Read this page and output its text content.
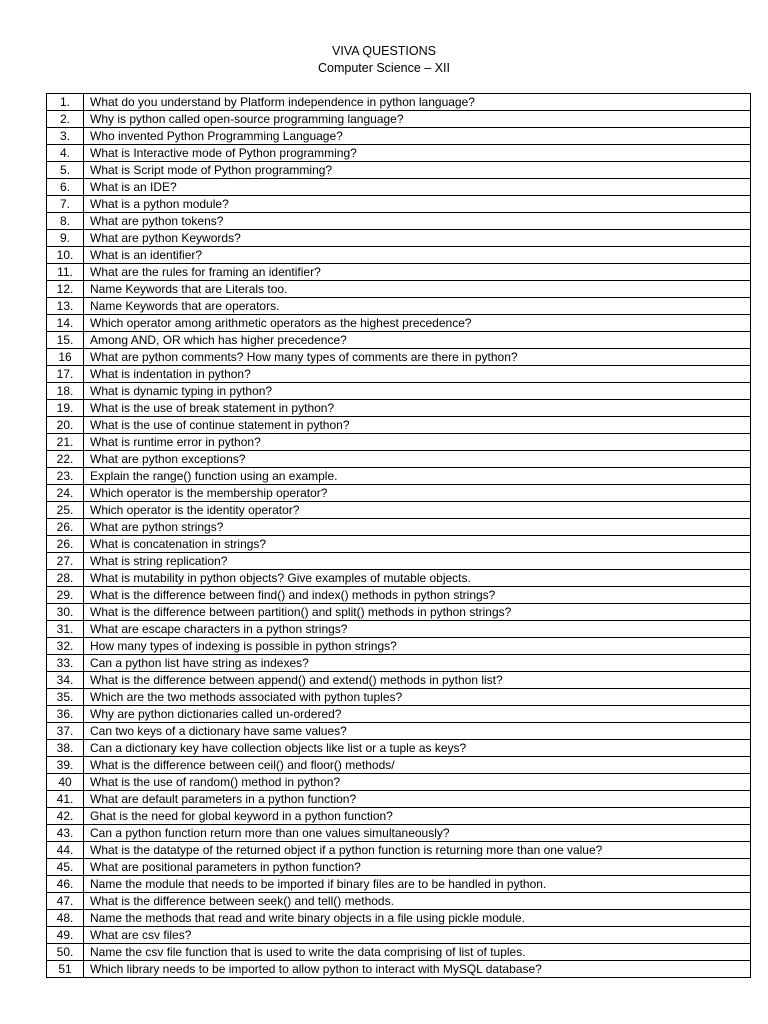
VIVA QUESTIONS
Computer Science – XII
1.	What do you understand by Platform independence in python language?
2.	Why is python called open-source programming language?
3.	Who invented Python Programming Language?
4.	What is Interactive mode of Python programming?
5.	What is Script mode of Python programming?
6.	What is an IDE?
7.	What is a python module?
8.	What are python tokens?
9.	What are python Keywords?
10.	What is an identifier?
11.	What are the rules for framing an identifier?
12.	Name Keywords that are Literals too.
13.	Name Keywords that are operators.
14.	Which operator among arithmetic operators as the highest precedence?
15.	Among AND, OR which has higher precedence?
16	What are python comments? How many types of comments are there in python?
17.	What is indentation in python?
18.	What is dynamic typing in python?
19.	What is the use of break statement in python?
20.	What is the use of continue statement in python?
21.	What is runtime error in python?
22.	What are python exceptions?
23.	Explain the range() function using an example.
24.	Which operator is the membership operator?
25.	Which operator is the identity operator?
26.	What are python strings?
26.	What is concatenation in strings?
27.	What is string replication?
28.	What is mutability in python objects? Give examples of mutable objects.
29.	What is the difference between find() and index() methods in python strings?
30.	What is the difference between partition() and split() methods in python strings?
31.	What are escape characters in a python strings?
32.	How many types of indexing is possible in python strings?
33.	Can a python list have string as indexes?
34.	What is the difference between append() and extend() methods in python list?
35.	Which are the two methods associated with python tuples?
36.	Why are python dictionaries called un-ordered?
37.	Can two keys of a dictionary have same values?
38.	Can a dictionary key have collection objects like list or a tuple as keys?
39.	What is the difference between ceil() and floor() methods/
40	What is the use of random() method in python?
41.	What are default parameters in a python function?
42.	Ghat is the need for global keyword in a python function?
43.	Can a python function return more than one values simultaneously?
44.	What is the datatype of the returned object if a python function is returning more than one value?
45.	What are positional parameters in python function?
46.	Name the module that needs to be imported if binary files are to be handled in python.
47.	What is the difference between seek() and tell() methods.
48.	Name the methods that read and write binary objects in a file using pickle module.
49.	What are csv files?
50.	Name the csv file function that is used to write the data comprising of list of tuples.
51	Which library needs to be imported to allow python to interact with MySQL database?
